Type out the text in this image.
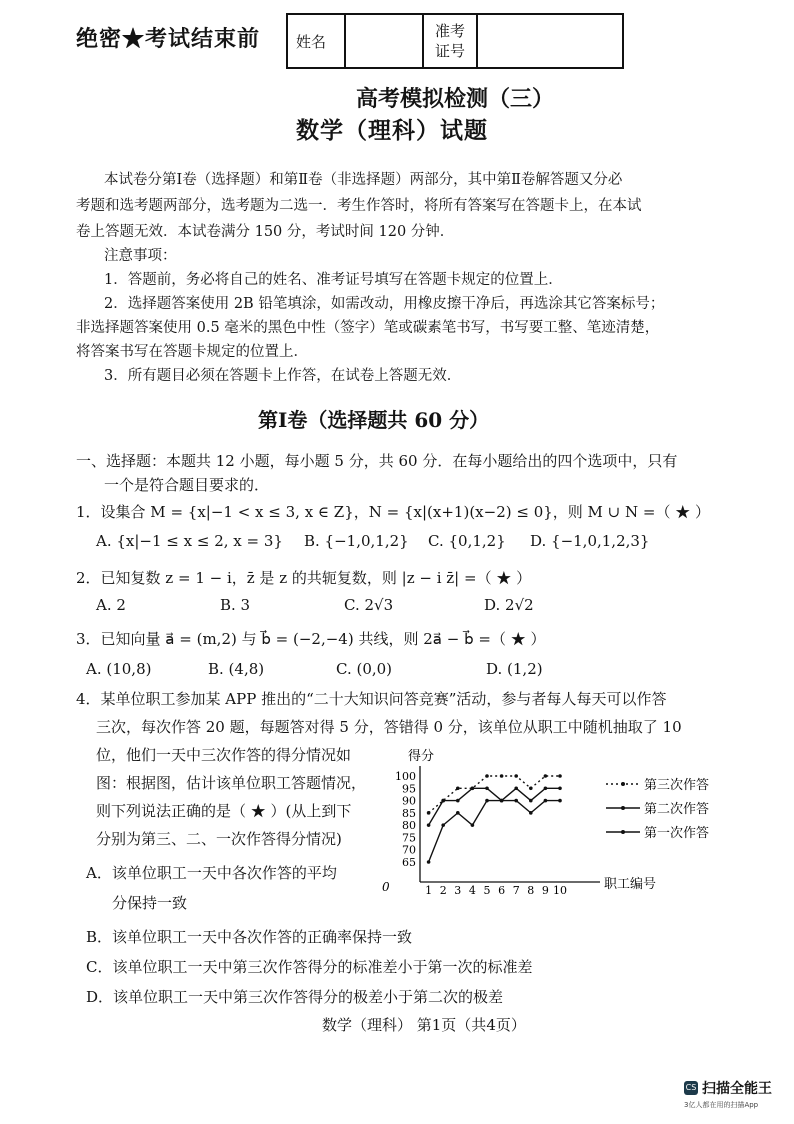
绝密★考试结束前 姓名		
准考
证号

高考模拟检测（三）
数学（理科）试题
本试卷分第Ⅰ卷（选择题）和第Ⅱ卷（非选择题）两部分，其中第Ⅱ卷解答题又分必
考题和选考题两部分，选考题为二选一．考生作答时，将所有答案写在答题卡上，在本试
卷上答题无效．本试卷满分 150 分，考试时间 120 分钟．
注意事项：
1．答题前，务必将自己的姓名、准考证号填写在答题卡规定的位置上．
2．选择题答案使用 2B 铅笔填涂，如需改动，用橡皮擦干净后，再选涂其它答案标号；
非选择题答案使用 0.5 毫米的黑色中性（签字）笔或碳素笔书写，书写要工整、笔迹清楚，
将答案书写在答题卡规定的位置上．
3．所有题目必须在答题卡上作答，在试卷上答题无效．
第Ⅰ卷（选择题共 60 分）
一、选择题：本题共 12 小题，每小题 5 分，共 60 分．在每小题给出的四个选项中，只有
一个是符合题目要求的．
1．设集合 M = {x|−1 < x ≤ 3, x ∈ Z}，N = {x|(x+1)(x−2) ≤ 0}，则 M ∪ N =（ ★ ）
A. {x|−1 ≤ x ≤ 2, x = 3} B. {−1,0,1,2} C. {0,1,2} D. {−1,0,1,2,3}
2．已知复数 z = 1 − i，z̄ 是 z 的共轭复数，则 |z − i z̄| =（ ★ ）
A. 2	B. 3	C. 2√3	D. 2√2
3．已知向量 a⃗ = (m,2) 与 b⃗ = (−2,−4) 共线，则 2a⃗ − b⃗ =（ ★ ）
A. (10,8)	B. (4,8)	C. (0,0)	D. (1,2)
4．某单位职工参加某 APP 推出的“二十大知识问答竞赛”活动，参与者每人每天可以作答
三次，每次作答 20 题，每题答对得 5 分，答错得 0 分，该单位从职工中随机抽取了 10
位，他们一天中三次作答的得分情况如
图：根据图，估计该单位职工答题情况，
则下列说法正确的是（ ★ ）(从上到下
分别为第三、二、一次作答得分情况)
A．该单位职工一天中各次作答的平均
分保持一致
B．该单位职工一天中各次作答的正确率保持一致
C．该单位职工一天中第三次作答得分的标准差小于第一次的标准差
D．该单位职工一天中第三次作答得分的极差小于第二次的极差
得分
职工编号
0
65
70
75
80
85
90
95
100
1 2 3 4 5 6 7 8 9 10
第三次作答
第二次作答
第一次作答
数学（理科） 第1页（共4页）
CS 扫描全能王
3亿人都在用的扫描App
